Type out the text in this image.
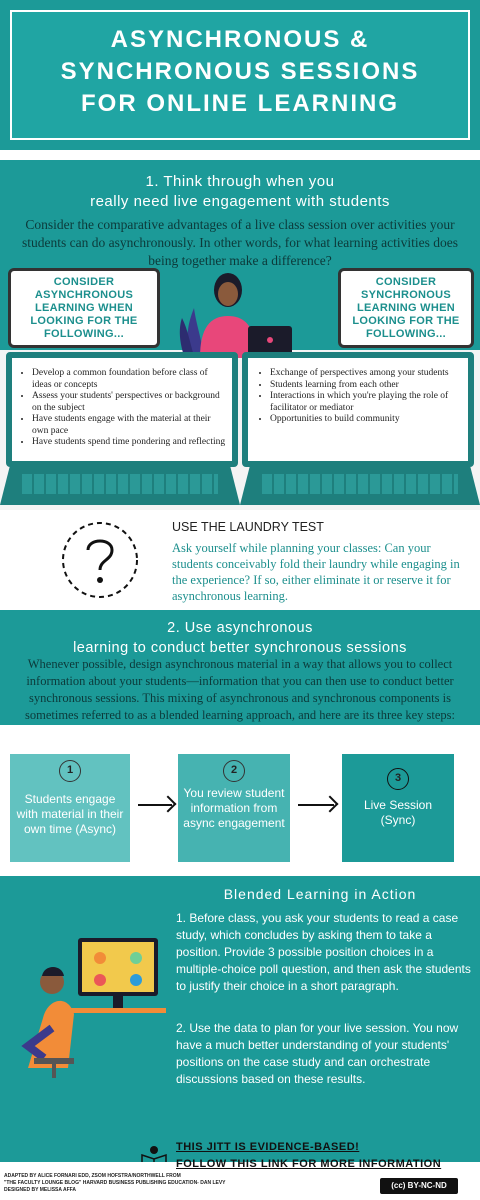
ASYNCHRONOUS &
SYNCHRONOUS SESSIONS
FOR ONLINE LEARNING
1. Think through when you
really need live engagement with students

Consider the comparative advantages of a live class session over activities your students can do asynchronously. In other words, for what learning activities does being together make a difference?

CONSIDER ASYNCHRONOUS LEARNING WHEN LOOKING FOR THE FOLLOWING...
CONSIDER SYNCHRONOUS LEARNING WHEN LOOKING FOR THE FOLLOWING...
• Develop a common foundation before class of ideas or concepts
• Assess your students' perspectives or background on the subject
• Have students engage with the material at their own pace
• Have students spend time pondering and reflecting
• Exchange of perspectives among your students
• Students learning from each other
• Interactions in which you're playing the role of facilitator or mediator
• Opportunities to build community
USE THE LAUNDRY TEST

Ask yourself while planning your classes: Can your students conceivably fold their laundry while engaging in the experience? If so, either eliminate it or reserve it for asynchronous learning.

2. Use asynchronous
learning to conduct better synchronous sessions

Whenever possible, design asynchronous material in a way that allows you to collect information about your students—information that you can then use to conduct better synchronous sessions. This mixing of asynchronous and synchronous components is sometimes referred to as a blended learning approach, and here are its three key steps:

1
Students engage with material in their own time (Async)
2
You review student information from async engagement
3
Live Session (Sync)
Blended Learning in Action

1. Before class, you ask your students to read a case study, which concludes by asking them to take a position. Provide 3 possible position choices in a multiple-choice poll question, and then ask the students to justify their choice in a short paragraph.

2. Use the data to plan for your live session. You now have a much better understanding of your students' positions on the case study and can orchestrate discussions based on these results.

THIS JITT IS EVIDENCE-BASED!
FOLLOW THIS LINK FOR MORE INFORMATION
ADAPTED BY ALICE FORNARI EDD, ZSOM HOFSTRA/NORTHWELL FROM
"THE FACULTY LOUNGE BLOG" HARVARD BUSINESS PUBLISHING EDUCATION- DAN LEVY
DESIGNED BY MELISSA AFFA	(cc) BY-NC-ND
